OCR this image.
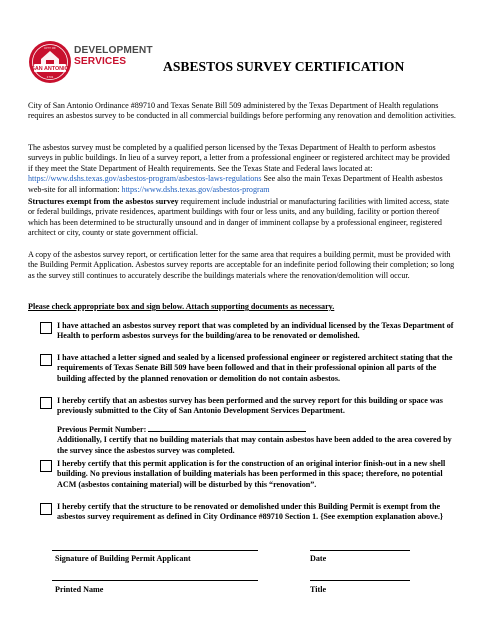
SAN ANTONIO
CITY OF
1731
DEVELOPMENT
SERVICES	ASBESTOS SURVEY CERTIFICATION
City of San Antonio Ordinance #89710 and Texas Senate Bill 509 administered by the Texas Department of Health regulations requires an asbestos survey to be conducted in all commercial buildings before performing any renovation and demolition activities.
The asbestos survey must be completed by a qualified person licensed by the Texas Department of Health to perform asbestos surveys in public buildings. In lieu of a survey report, a letter from a professional engineer or registered architect may be provided if they meet the State Department of Health requirements. See the Texas State and Federal laws located at: https://www.dshs.texas.gov/asbestos-program/asbestos-laws-regulations See also the main Texas Department of Health asbestos web-site for all information: https://www.dshs.texas.gov/asbestos-program
Structures exempt from the asbestos survey requirement include industrial or manufacturing facilities with limited access, state or federal buildings, private residences, apartment buildings with four or less units, and any building, facility or portion thereof which has been determined to be structurally unsound and in danger of imminent collapse by a professional engineer, registered architect or city, county or state government official.
A copy of the asbestos survey report, or certification letter for the same area that requires a building permit, must be provided with the Building Permit Application. Asbestos survey reports are acceptable for an indefinite period following their completion; so long as the survey still continues to accurately describe the buildings materials where the renovation/demolition will occur.
Please check appropriate box and sign below. Attach supporting documents as necessary.
I have attached an asbestos survey report that was completed by an individual licensed by the Texas Department of Health to perform asbestos surveys for the building/area to be renovated or demolished.
I have attached a letter signed and sealed by a licensed professional engineer or registered architect stating that the requirements of Texas Senate Bill 509 have been followed and that in their professional opinion all parts of the building affected by the planned renovation or demolition do not contain asbestos.
I hereby certify that an asbestos survey has been performed and the survey report for this building or space was previously submitted to the City of San Antonio Development Services Department.
Previous Permit Number:
Additionally, I certify that no building materials that may contain asbestos have been added to the area covered by the survey since the asbestos survey was completed.
I hereby certify that this permit application is for the construction of an original interior finish-out in a new shell building. No previous installation of building materials has been performed in this space; therefore, no potential ACM (asbestos containing material) will be disturbed by this “renovation”.
I hereby certify that the structure to be renovated or demolished under this Building Permit is exempt from the asbestos survey requirement as defined in City Ordinance #89710 Section 1. {See exemption explanation above.}
Signature of Building Permit Applicant	Date
Printed Name	Title
